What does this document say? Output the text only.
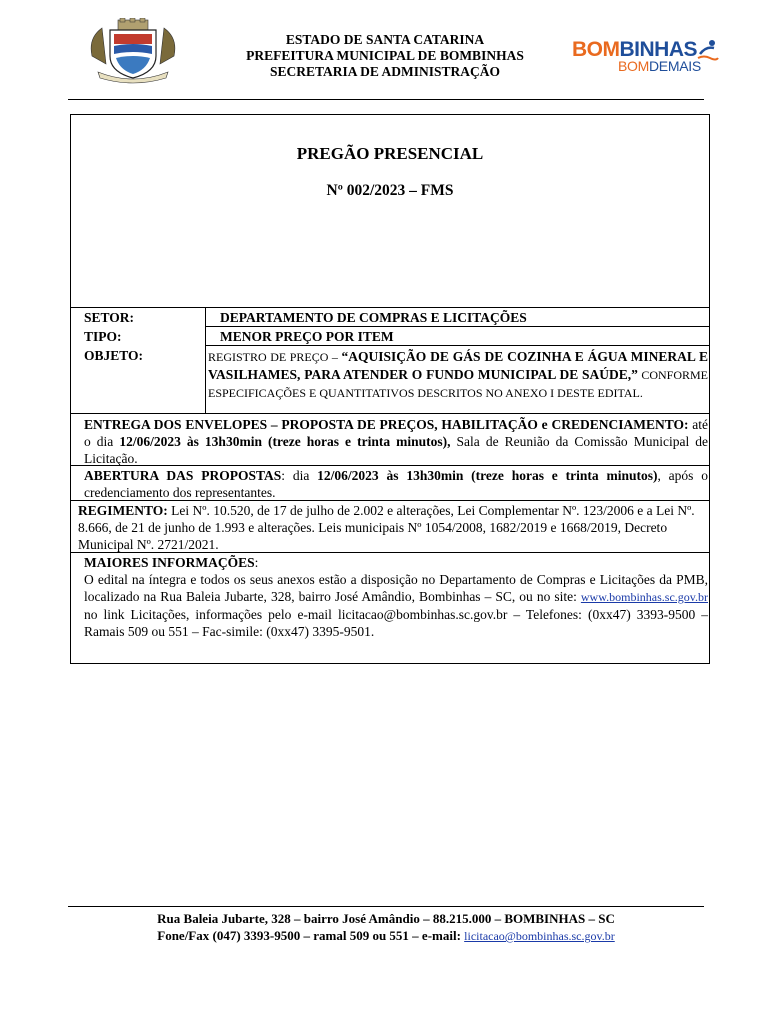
ESTADO DE SANTA CATARINA
PREFEITURA MUNICIPAL DE BOMBINHAS
SECRETARIA DE ADMINISTRAÇÃO
BOMBINHAS
BOMDEMAIS
PREGÃO PRESENCIAL
Nº 002/2023 – FMS
SETOR:	DEPARTAMENTO DE COMPRAS E LICITAÇÕES
TIPO:	MENOR PREÇO POR ITEM
OBJETO:	REGISTRO DE PREÇO – “AQUISIÇÃO DE GÁS DE COZINHA E ÁGUA MINERAL E VASILHAMES, PARA ATENDER O FUNDO MUNICIPAL DE SAÚDE,” CONFORME ESPECIFICAÇÕES E QUANTITATIVOS DESCRITOS NO ANEXO I DESTE EDITAL.
ENTREGA DOS ENVELOPES – PROPOSTA DE PREÇOS, HABILITAÇÃO e CREDENCIAMENTO: até o dia 12/06/2023 às 13h30min (treze horas e trinta minutos), Sala de Reunião da Comissão Municipal de Licitação.
ABERTURA DAS PROPOSTAS: dia 12/06/2023 às 13h30min (treze horas e trinta minutos), após o credenciamento dos representantes.
REGIMENTO: Lei Nº. 10.520, de 17 de julho de 2.002 e alterações, Lei Complementar Nº. 123/2006 e a Lei Nº. 8.666, de 21 de junho de 1.993 e alterações. Leis municipais Nº 1054/2008, 1682/2019 e 1668/2019, Decreto Municipal Nº. 2721/2021.
MAIORES INFORMAÇÕES:
O edital na íntegra e todos os seus anexos estão a disposição no Departamento de Compras e Licitações da PMB, localizado na Rua Baleia Jubarte, 328, bairro José Amândio, Bombinhas – SC, ou no site: www.bombinhas.sc.gov.br no link Licitações, informações pelo e-mail licitacao@bombinhas.sc.gov.br – Telefones: (0xx47) 3393-9500 – Ramais 509 ou 551 – Fac-simile: (0xx47) 3395-9501.
Rua Baleia Jubarte, 328 – bairro José Amândio – 88.215.000 – BOMBINHAS – SC
Fone/Fax (047) 3393-9500 – ramal 509 ou 551 – e-mail: licitacao@bombinhas.sc.gov.br
